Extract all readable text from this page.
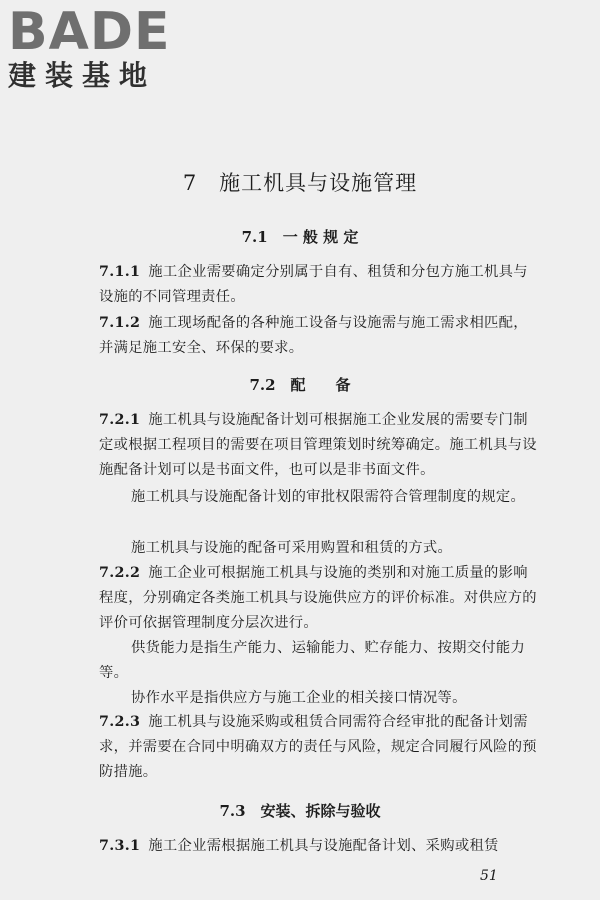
BADE
建装基地
7　施工机具与设施管理
7.1　一 般 规 定

7.1.1 施工企业需要确定分别属于自有、租赁和分包方施工机具与设施的不同管理责任。

7.1.2 施工现场配备的各种施工设备与设施需与施工需求相匹配，并满足施工安全、环保的要求。

7.2　配　　备

7.2.1 施工机具与设施配备计划可根据施工企业发展的需要专门制定或根据工程项目的需要在项目管理策划时统筹确定。施工机具与设施配备计划可以是书面文件，也可以是非书面文件。

施工机具与设施配备计划的审批权限需符合管理制度的规定。

施工机具与设施的配备可采用购置和租赁的方式。

7.2.2 施工企业可根据施工机具与设施的类别和对施工质量的影响程度，分别确定各类施工机具与设施供应方的评价标准。对供应方的评价可依据管理制度分层次进行。

供货能力是指生产能力、运输能力、贮存能力、按期交付能力等。

协作水平是指供应方与施工企业的相关接口情况等。

7.2.3 施工机具与设施采购或租赁合同需符合经审批的配备计划需求，并需要在合同中明确双方的责任与风险，规定合同履行风险的预防措施。

7.3　安装、拆除与验收

7.3.1 施工企业需根据施工机具与设施配备计划、采购或租赁

51
